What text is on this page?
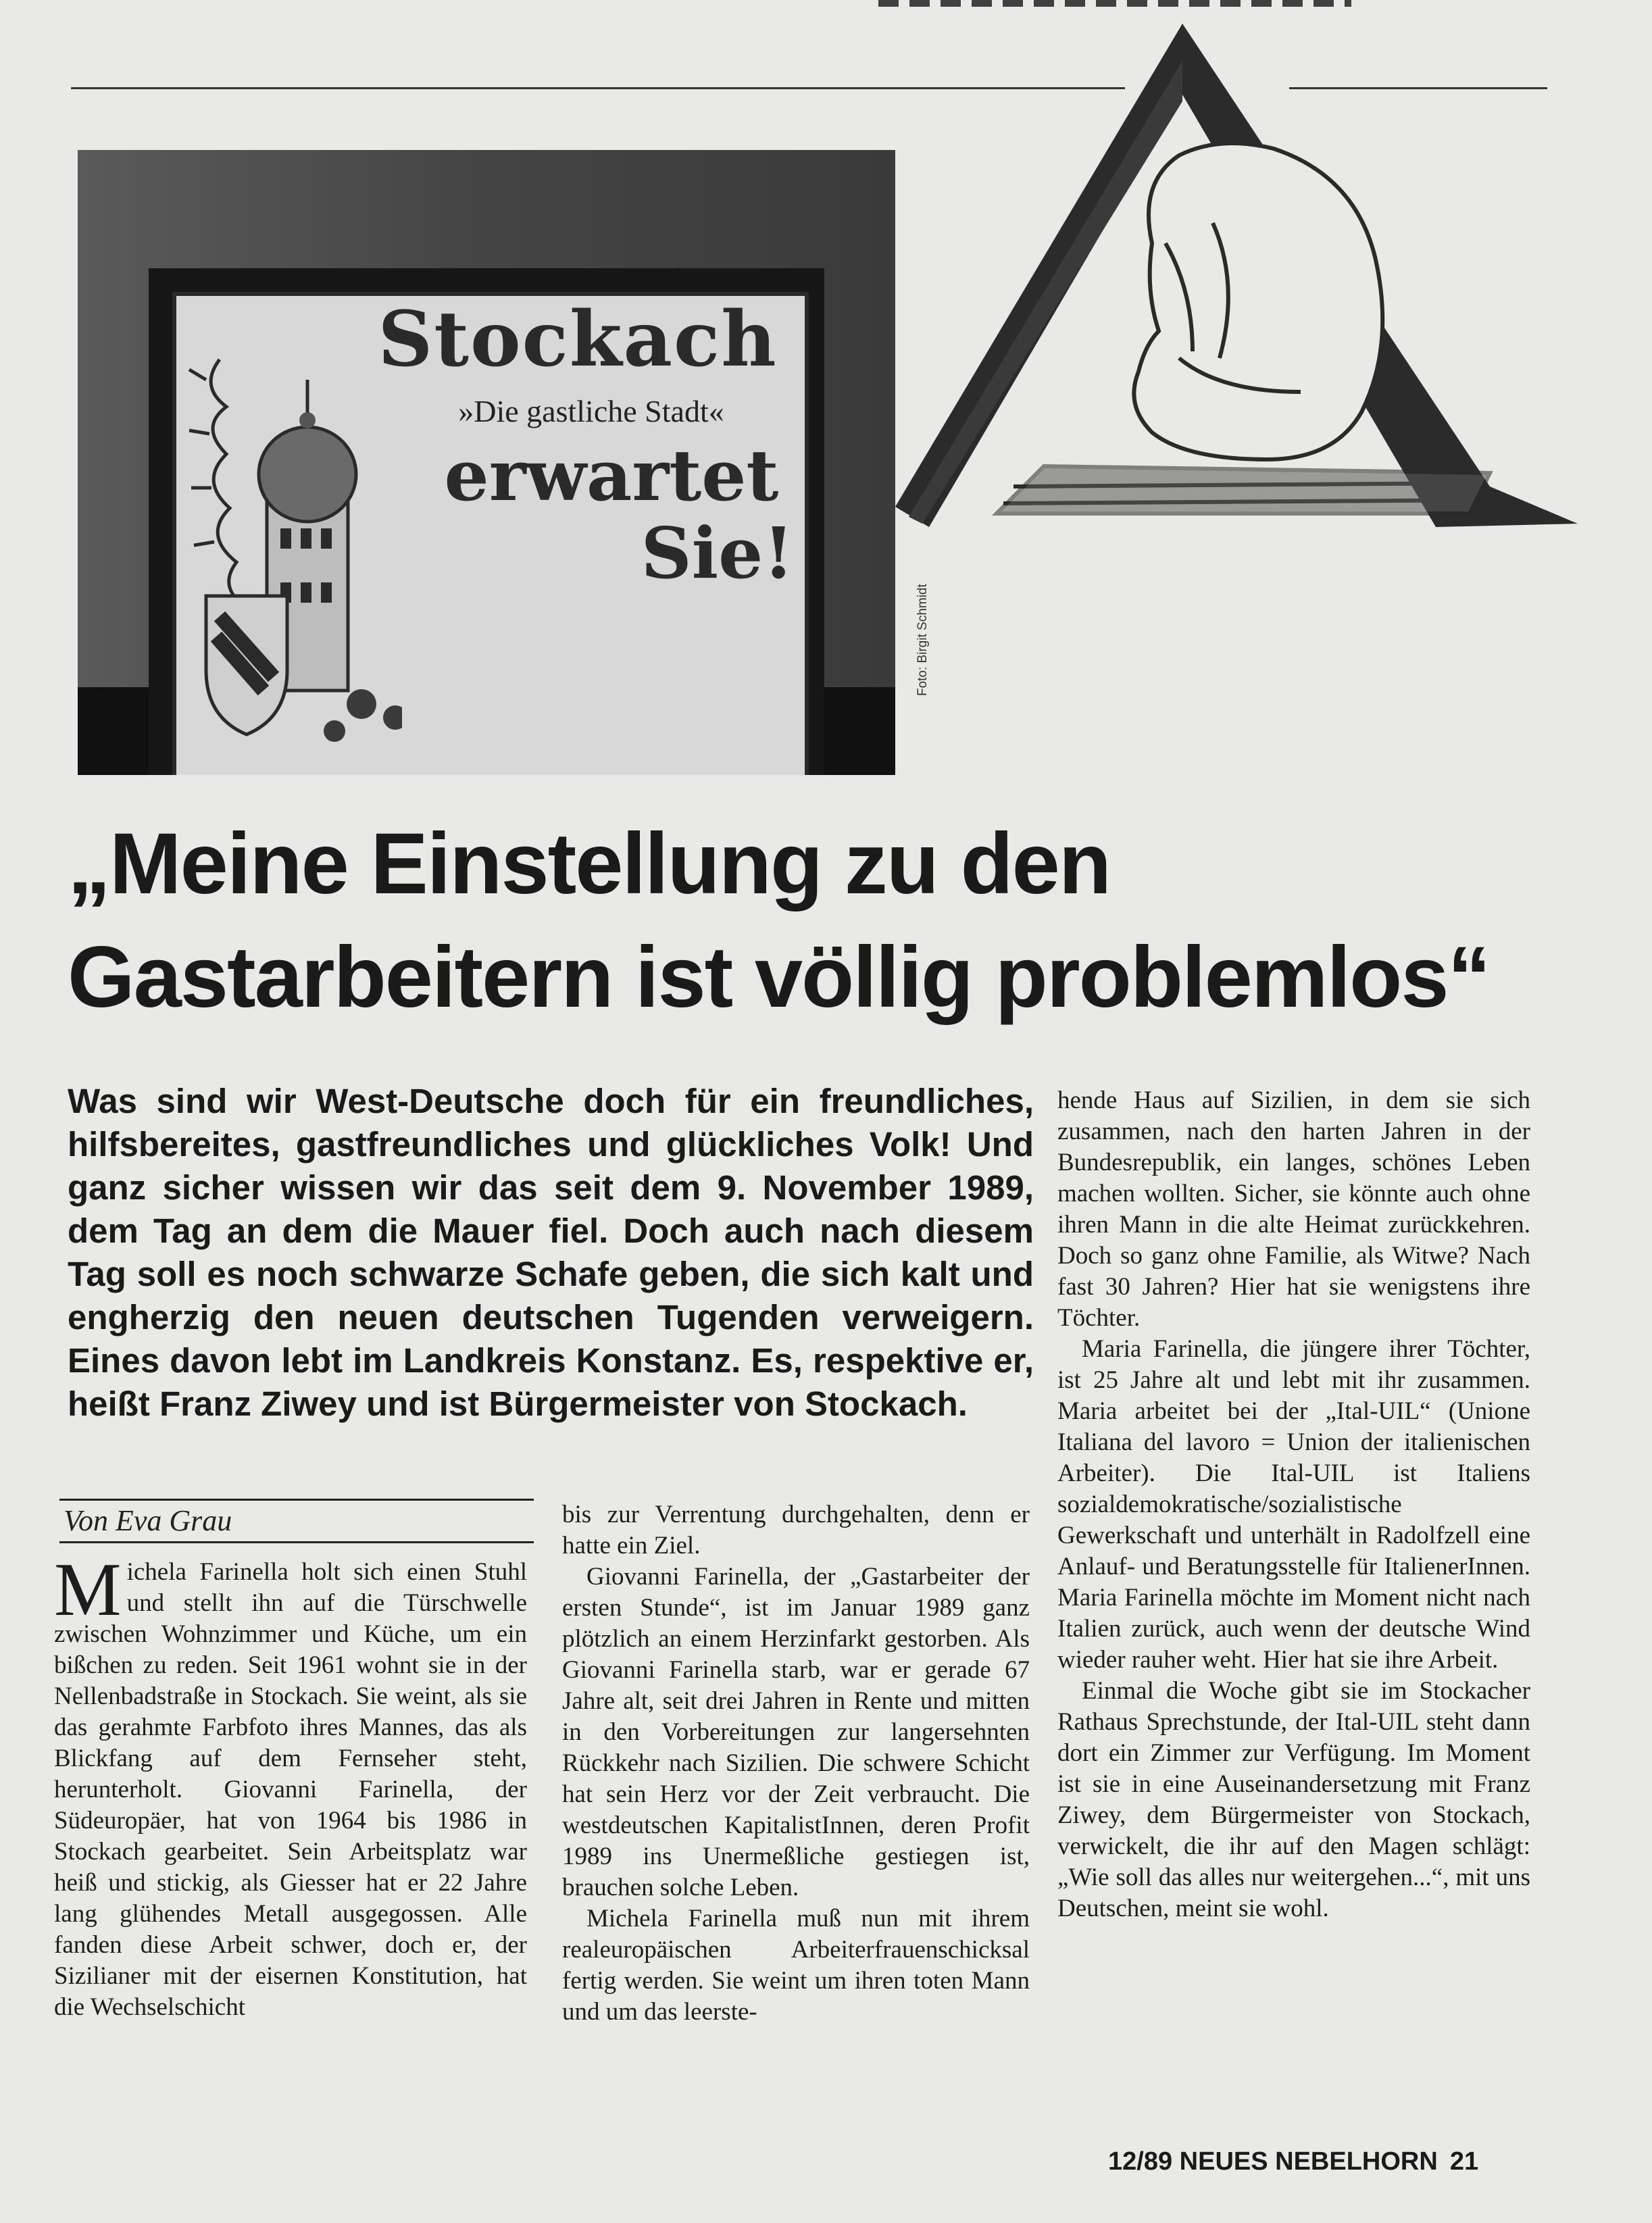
Stockach
»Die gastliche Stadt«
erwartet
Sie!
Foto: Birgit Schmidt
„Meine Einstellung zu den
Gastarbeitern ist völlig problemlos“

Was sind wir West-Deutsche doch für ein freundliches, hilfsbereites, gastfreundliches und glückliches Volk! Und ganz sicher wissen wir das seit dem 9. November 1989, dem Tag an dem die Mauer fiel. Doch auch nach diesem Tag soll es noch schwarze Schafe geben, die sich kalt und engherzig den neuen deutschen Tugenden verweigern. Eines davon lebt im Landkreis Konstanz. Es, respektive er, heißt Franz Ziwey und ist Bürgermeister von Stockach.

Von Eva Grau
M ichela Farinella holt sich einen Stuhl und stellt ihn auf die Türschwelle zwischen Wohnzimmer und Küche, um ein bißchen zu reden. Seit 1961 wohnt sie in der Nellenbadstraße in Stockach. Sie weint, als sie das gerahmte Farbfoto ihres Mannes, das als Blickfang auf dem Fernseher steht, herunterholt. Giovanni Farinella, der Südeuropäer, hat von 1964 bis 1986 in Stockach gearbeitet. Sein Arbeitsplatz war heiß und stickig, als Giesser hat er 22 Jahre lang glühendes Metall ausgegossen. Alle fanden diese Arbeit schwer, doch er, der Sizilianer mit der eisernen Konstitution, hat die Wechselschicht
bis zur Verrentung durchgehalten, denn er hatte ein Ziel.
Giovanni Farinella, der „Gastarbeiter der ersten Stunde“, ist im Januar 1989 ganz plötzlich an einem Herzinfarkt gestorben. Als Giovanni Farinella starb, war er gerade 67 Jahre alt, seit drei Jahren in Rente und mitten in den Vorbereitungen zur langersehnten Rückkehr nach Sizilien. Die schwere Schicht hat sein Herz vor der Zeit verbraucht. Die westdeutschen KapitalistInnen, deren Profit 1989 ins Unermeßliche gestiegen ist, brauchen solche Leben.
Michela Farinella muß nun mit ihrem realeuropäischen Arbeiterfrauenschicksal fertig werden. Sie weint um ihren toten Mann und um das leerste-
hende Haus auf Sizilien, in dem sie sich zusammen, nach den harten Jahren in der Bundesrepublik, ein langes, schönes Leben machen wollten. Sicher, sie könnte auch ohne ihren Mann in die alte Heimat zurückkehren. Doch so ganz ohne Familie, als Witwe? Nach fast 30 Jahren? Hier hat sie wenigstens ihre Töchter.
Maria Farinella, die jüngere ihrer Töchter, ist 25 Jahre alt und lebt mit ihr zusammen. Maria arbeitet bei der „Ital-UIL“ (Unione Italiana del lavoro = Union der italienischen Arbeiter). Die Ital-UIL ist Italiens sozialdemokratische/sozialistische Gewerkschaft und unterhält in Radolfzell eine Anlauf- und Beratungsstelle für ItalienerInnen. Maria Farinella möchte im Moment nicht nach Italien zurück, auch wenn der deutsche Wind wieder rauher weht. Hier hat sie ihre Arbeit.
Einmal die Woche gibt sie im Stockacher Rathaus Sprechstunde, der Ital-UIL steht dann dort ein Zimmer zur Verfügung. Im Moment ist sie in eine Auseinandersetzung mit Franz Ziwey, dem Bürgermeister von Stockach, verwickelt, die ihr auf den Magen schlägt: „Wie soll das alles nur weitergehen...“, mit uns Deutschen, meint sie wohl.
12/89 NEUES NEBELHORN 21
